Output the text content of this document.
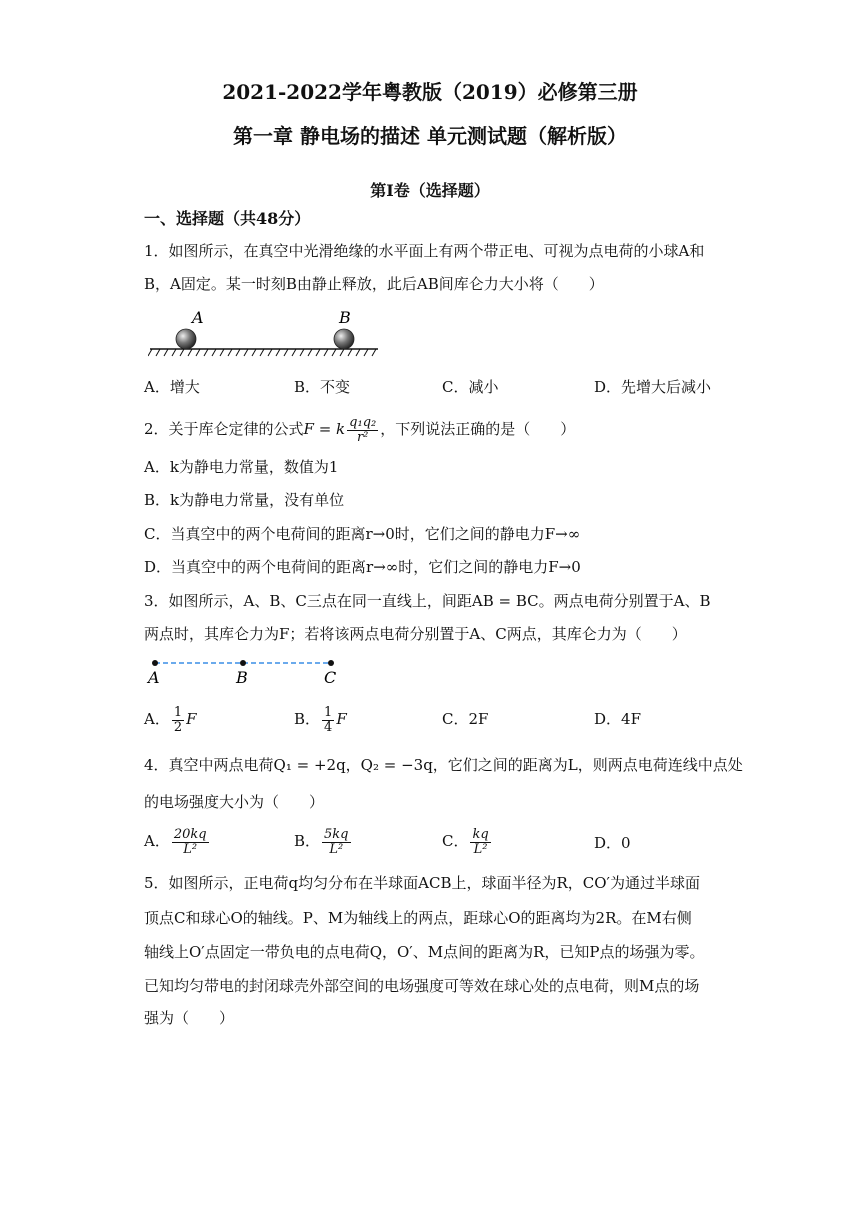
2021-2022学年粤教版（2019）必修第三册
第一章 静电场的描述 单元测试题（解析版）
第Ⅰ卷（选择题）
一、选择题（共48分）
1．如图所示，在真空中光滑绝缘的水平面上有两个带正电、可视为点电荷的小球A和
B，A固定。某一时刻B由静止释放，此后AB间库仑力大小将（　　）
A	B
A．增大	B．不变	C．减小	D．先增大后减小
2．关于库仑定律的公式F = k $\frac{\text{q₁q₂}}{\text{r²}}$ ，下列说法正确的是（　　）
A．k为静电力常量，数值为1
B．k为静电力常量，没有单位
C．当真空中的两个电荷间的距离r→0时，它们之间的静电力F→∞
D．当真空中的两个电荷间的距离r→∞时，它们之间的静电力F→0
3．如图所示，A、B、C三点在同一直线上，间距AB = BC。两点电荷分别置于A、B
两点时，其库仑力为F；若将该两点电荷分别置于A、C两点，其库仑力为（　　）
A	B	C
A． $\frac{1}{2}$ F	B． $\frac{1}{4}$ F	C．2F	D．4F
4．真空中两点电荷Q₁ = +2q，Q₂ = −3q，它们之间的距离为L，则两点电荷连线中点处
的电场强度大小为（　　）
A． $\frac{20kq}{\text{L²}}$	B． $\frac{5kq}{\text{L²}}$	C． $\frac{kq}{\text{L²}}$	D．0
5．如图所示，正电荷q均匀分布在半球面ACB上，球面半径为R，CO′为通过半球面
顶点C和球心O的轴线。P、M为轴线上的两点，距球心O的距离均为2R。在M右侧
轴线上O′点固定一带负电的点电荷Q，O′、M点间的距离为R，已知P点的场强为零。
已知均匀带电的封闭球壳外部空间的电场强度可等效在球心处的点电荷，则M点的场
强为（　　）
